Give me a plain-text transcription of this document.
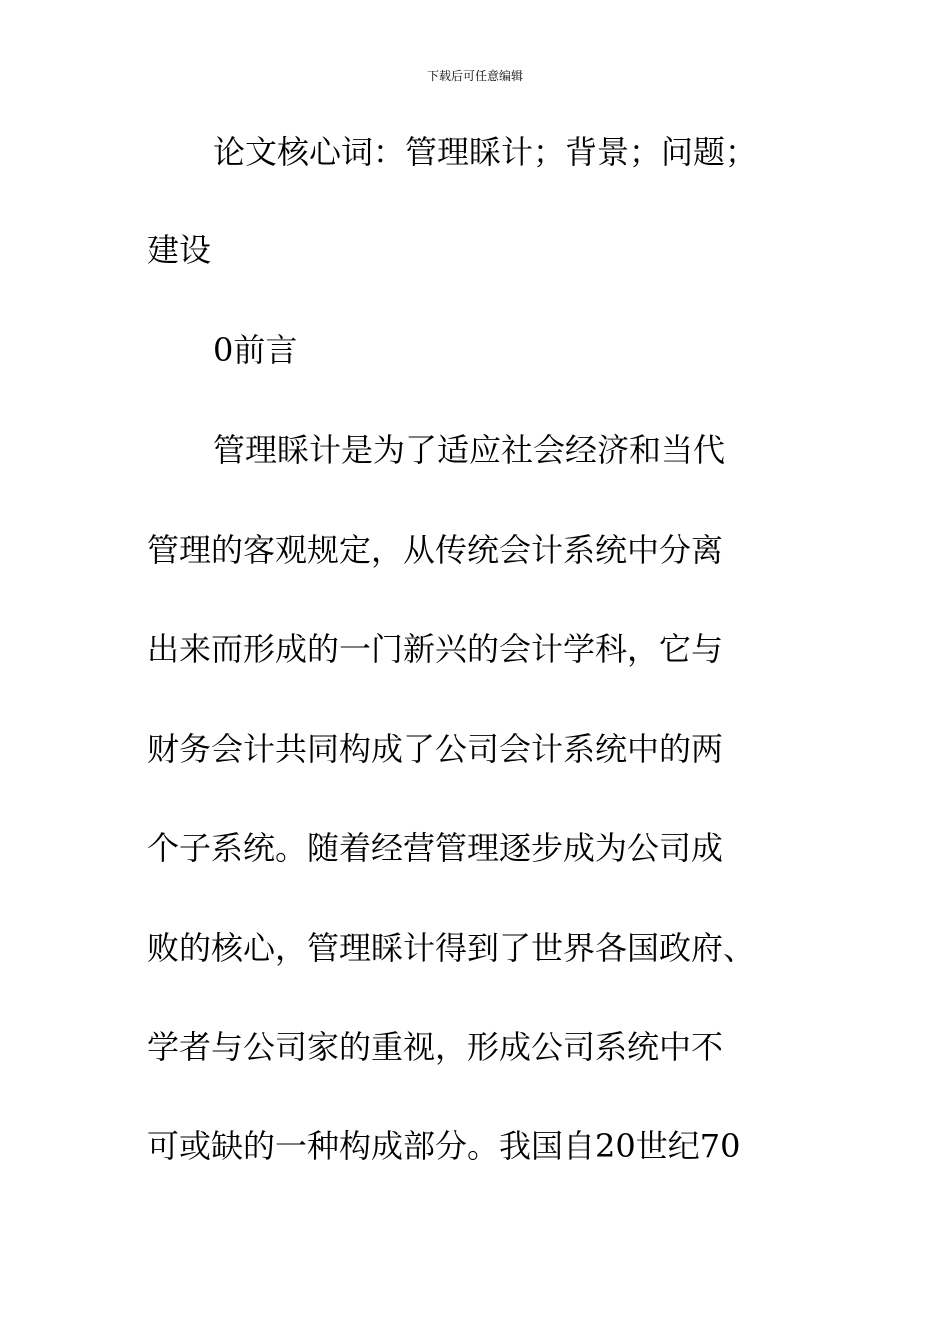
下载后可任意编辑
论文核心词：管理睬计；背景；问题；
建设
0前言
管理睬计是为了适应社会经济和当代
管理的客观规定，从传统会计系统中分离
出来而形成的一门新兴的会计学科，它与
财务会计共同构成了公司会计系统中的两
个子系统。随着经营管理逐步成为公司成
败的核心，管理睬计得到了世界各国政府、
学者与公司家的重视，形成公司系统中不
可或缺的一种构成部分。我国自20世纪70
